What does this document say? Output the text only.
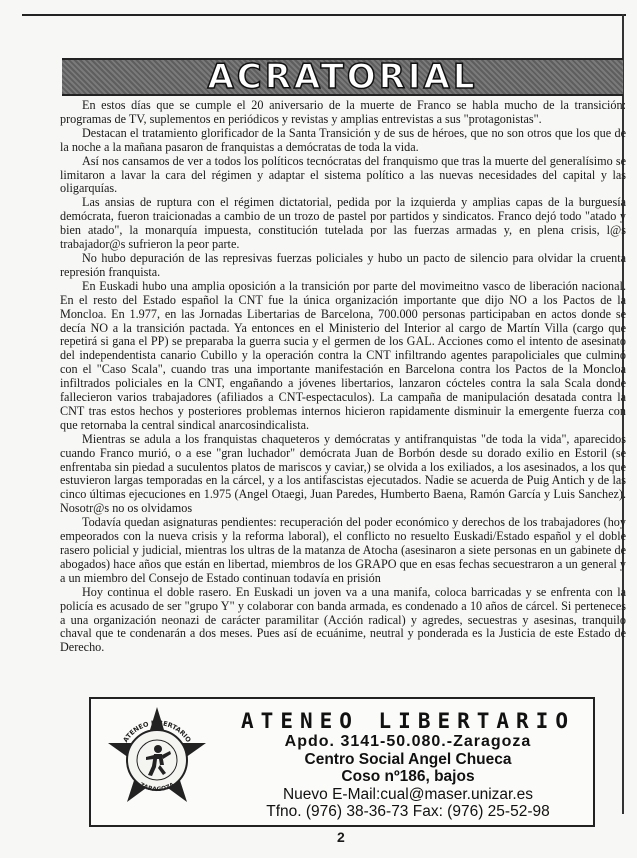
ACRATORIAL

En estos días que se cumple el 20 aniversario de la muerte de Franco se habla mucho de la transición: programas de TV, suplementos en periódicos y revistas y amplias entrevistas a sus "protagonistas".

Destacan el tratamiento glorificador de la Santa Transición y de sus de héroes, que no son otros que los que de la noche a la mañana pasaron de franquistas a demócratas de toda la vida.

Así nos cansamos de ver a todos los políticos tecnócratas del franquismo que tras la muerte del generalísimo se limitaron a lavar la cara del régimen y adaptar el sistema político a las nuevas necesidades del capital y las oligarquías.

Las ansias de ruptura con el régimen dictatorial, pedida por la izquierda y amplias capas de la burguesía demócrata, fueron traicionadas a cambio de un trozo de pastel por partidos y sindicatos. Franco dejó todo "atado y bien atado", la monarquía impuesta, constitución tutelada por las fuerzas armadas y, en plena crisis, l@s trabajador@s sufrieron la peor parte.

No hubo depuración de las represivas fuerzas policiales y hubo un pacto de silencio para olvidar la cruenta represión franquista.

En Euskadi hubo una amplia oposición a la transición por parte del movimeitno vasco de liberación nacional. En el resto del Estado español la CNT fue la única organización importante que dijo NO a los Pactos de la Moncloa. En 1.977, en las Jornadas Libertarias de Barcelona, 700.000 personas participaban en actos donde se decía NO a la transición pactada. Ya entonces en el Ministerio del Interior al cargo de Martín Villa (cargo que repetirá si gana el PP) se preparaba la guerra sucia y el germen de los GAL. Acciones como el intento de asesinato del independentista canario Cubillo y la operación contra la CNT infiltrando agentes parapoliciales que culminó con el "Caso Scala", cuando tras una importante manifestación en Barcelona contra los Pactos de la Moncloa infiltrados policiales en la CNT, engañando a jóvenes libertarios, lanzaron cócteles contra la sala Scala donde fallecieron varios trabajadores (afiliados a CNT-espectaculos). La campaña de manipulación desatada contra la CNT tras estos hechos y posteriores problemas internos hicieron rapidamente disminuir la emergente fuerza con que retornaba la central sindical anarcosindicalista.

Mientras se adula a los franquistas chaqueteros y demócratas y antifranquistas "de toda la vida", aparecidos cuando Franco murió, o a ese "gran luchador" demócrata Juan de Borbón desde su dorado exilio en Estoril (se enfrentaba sin piedad a suculentos platos de mariscos y caviar,) se olvida a los exiliados, a los asesinados, a los que estuvieron largas temporadas en la cárcel, y a los antifascistas ejecutados. Nadie se acuerda de Puig Antich y de las cinco últimas ejecuciones en 1.975 (Angel Otaegi, Juan Paredes, Humberto Baena, Ramón García y Luis Sanchez). Nosotr@s no os olvidamos

Todavía quedan asignaturas pendientes: recuperación del poder económico y derechos de los trabajadores (hoy empeorados con la nueva crisis y la reforma laboral), el conflicto no resuelto Euskadi/Estado español y el doble rasero policial y judicial, mientras los ultras de la matanza de Atocha (asesinaron a siete personas en un gabinete de abogados) hace años que están en libertad, miembros de los GRAPO que en esas fechas secuestraron a un general y a un miembro del Consejo de Estado continuan todavía en prisión

Hoy continua el doble rasero. En Euskadi un joven va a una manifa, coloca barricadas y se enfrenta con la policía es acusado de ser "grupo Y" y colaborar con banda armada, es condenado a 10 años de cárcel. Si perteneces a una organización neonazi de carácter paramilitar (Acción radical) y agredes, secuestras y asesinas, tranquilo chaval que te condenarán a dos meses. Pues así de ecuánime, neutral y ponderada es la Justicia de este Estado de Derecho.

ATENEO LIBERTARIO
ZARAGOZA
ATENEO LIBERTARIO
Apdo. 3141-50.080.-Zaragoza
Centro Social Angel Chueca
Coso nº186, bajos
Nuevo E-Mail:cual@maser.unizar.es
Tfno. (976) 38-36-73 Fax: (976) 25-52-98
2
